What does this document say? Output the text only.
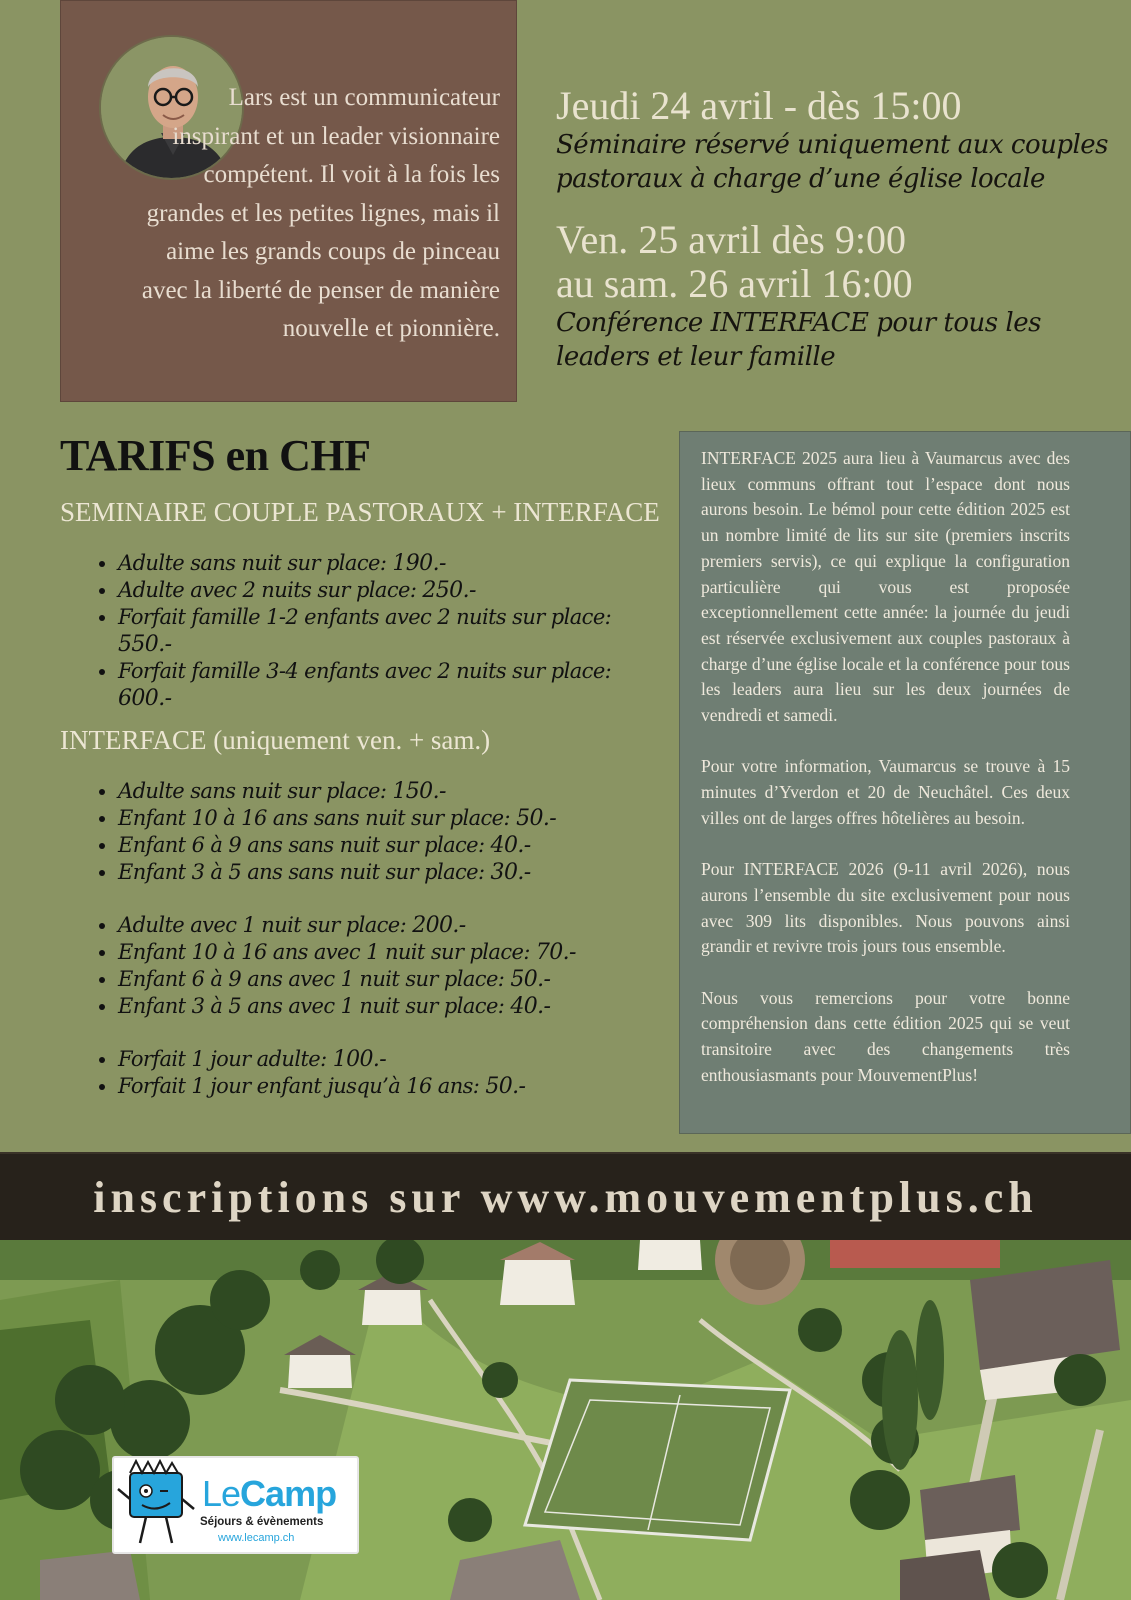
Lars est un communicateur inspirant et un leader visionnaire compétent. Il voit à la fois les grandes et les petites lignes, mais il aime les grands coups de pinceau avec la liberté de penser de manière nouvelle et pionnière.
Jeudi 24 avril - dès 15:00
Séminaire réservé uniquement aux couples
pastoraux à charge d’une église locale
Ven. 25 avril dès 9:00
au sam. 26 avril 16:00
Conférence INTERFACE pour tous les
leaders et leur famille
TARIFS en CHF
SEMINAIRE COUPLE PASTORAUX + INTERFACE
• Adulte sans nuit sur place: 190.-
• Adulte avec 2 nuits sur place: 250.-
• Forfait famille 1-2 enfants avec 2 nuits sur place: 550.-
• Forfait famille 3-4 enfants avec 2 nuits sur place: 600.-
INTERFACE (uniquement ven. + sam.)
• Adulte sans nuit sur place: 150.-
• Enfant 10 à 16 ans sans nuit sur place: 50.-
• Enfant 6 à 9 ans sans nuit sur place: 40.-
• Enfant 3 à 5 ans sans nuit sur place: 30.-
• Adulte avec 1 nuit sur place: 200.-
• Enfant 10 à 16 ans avec 1 nuit sur place: 70.-
• Enfant 6 à 9 ans avec 1 nuit sur place: 50.-
• Enfant 3 à 5 ans avec 1 nuit sur place: 40.-
• Forfait 1 jour adulte: 100.-
• Forfait 1 jour enfant jusqu’à 16 ans: 50.-

INTERFACE 2025 aura lieu à Vaumarcus avec des lieux communs offrant tout l’espace dont nous aurons besoin. Le bémol pour cette édition 2025 est un nombre limité de lits sur site (premiers inscrits premiers servis), ce qui explique la configuration particulière qui vous est proposée exceptionnellement cette année: la journée du jeudi est réservée exclusivement aux couples pastoraux à charge d’une église locale et la conférence pour tous les leaders aura lieu sur les deux journées de vendredi et samedi.

Pour votre information, Vaumarcus se trouve à 15 minutes d’Yverdon et 20 de Neuchâtel. Ces deux villes ont de larges offres hôtelières au besoin.

Pour INTERFACE 2026 (9-11 avril 2026), nous aurons l’ensemble du site exclusivement pour nous avec 309 lits disponibles. Nous pouvons ainsi grandir et revivre trois jours tous ensemble.

Nous vous remercions pour votre bonne compréhension dans cette édition 2025 qui se veut transitoire avec des changements très enthousiasmants pour MouvementPlus!

inscriptions sur www.mouvementplus.ch
LeCamp
Séjours & évènements
www.lecamp.ch
